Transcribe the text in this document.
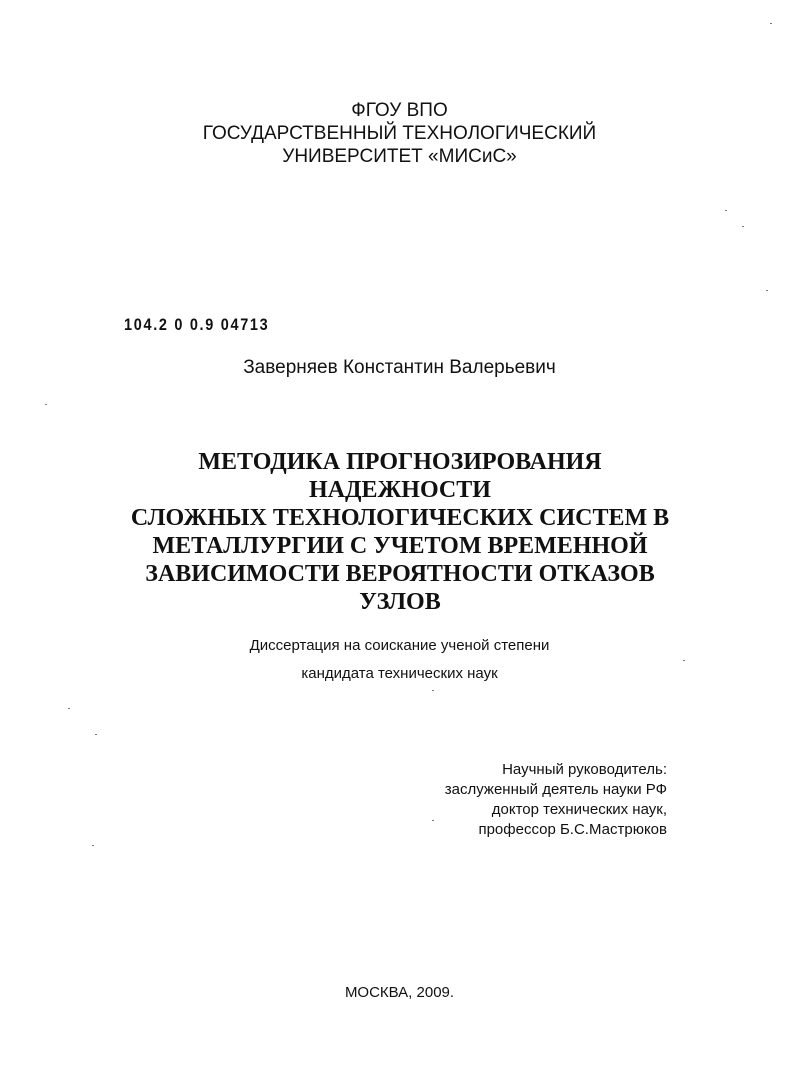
ФГОУ ВПО
ГОСУДАРСТВЕННЫЙ ТЕХНОЛОГИЧЕСКИЙ
УНИВЕРСИТЕТ «МИСиС»
104.2 0 0.9 04713
Заверняев Константин Валерьевич
МЕТОДИКА ПРОГНОЗИРОВАНИЯ НАДЕЖНОСТИ
СЛОЖНЫХ ТЕХНОЛОГИЧЕСКИХ СИСТЕМ В
МЕТАЛЛУРГИИ С УЧЕТОМ ВРЕМЕННОЙ
ЗАВИСИМОСТИ ВЕРОЯТНОСТИ ОТКАЗОВ УЗЛОВ
Диссертация на соискание ученой степени
кандидата технических наук
Научный руководитель:
заслуженный деятель науки РФ
доктор технических наук,
профессор Б.С.Мастрюков
МОСКВА, 2009.
